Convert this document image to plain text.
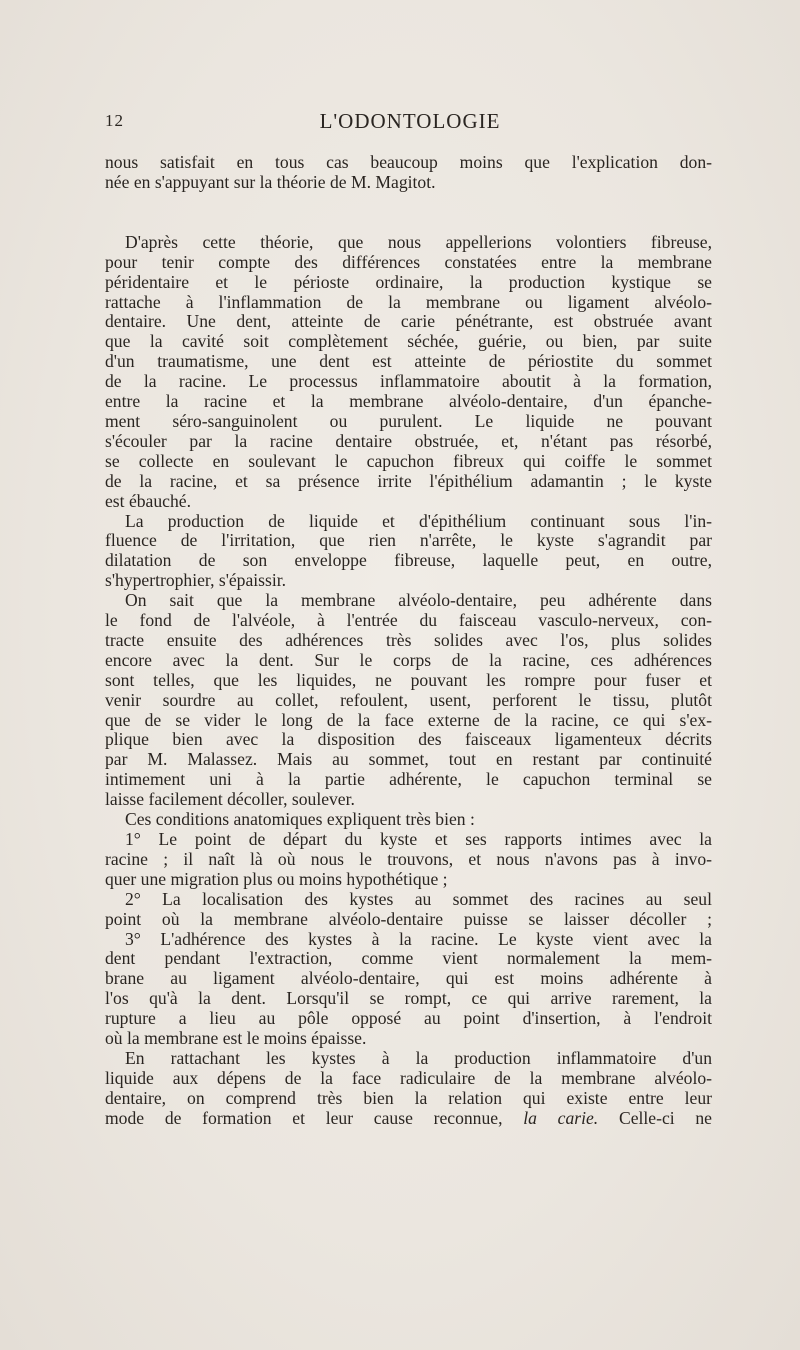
12	L'ODONTOLOGIE
nous satisfait en tous cas beaucoup moins que l'explication don-
née en s'appuyant sur la théorie de M. Magitot.
D'après cette théorie, que nous appellerions volontiers fibreuse,
pour tenir compte des différences constatées entre la membrane
péridentaire et le périoste ordinaire, la production kystique se
rattache à l'inflammation de la membrane ou ligament alvéolo-
dentaire. Une dent, atteinte de carie pénétrante, est obstruée avant
que la cavité soit complètement séchée, guérie, ou bien, par suite
d'un traumatisme, une dent est atteinte de périostite du sommet
de la racine. Le processus inflammatoire aboutit à la formation,
entre la racine et la membrane alvéolo-dentaire, d'un épanche-
ment séro-sanguinolent ou purulent. Le liquide ne pouvant
s'écouler par la racine dentaire obstruée, et, n'étant pas résorbé,
se collecte en soulevant le capuchon fibreux qui coiffe le sommet
de la racine, et sa présence irrite l'épithélium adamantin ; le kyste
est ébauché.
La production de liquide et d'épithélium continuant sous l'in-
fluence de l'irritation, que rien n'arrête, le kyste s'agrandit par
dilatation de son enveloppe fibreuse, laquelle peut, en outre,
s'hypertrophier, s'épaissir.
On sait que la membrane alvéolo-dentaire, peu adhérente dans
le fond de l'alvéole, à l'entrée du faisceau vasculo-nerveux, con-
tracte ensuite des adhérences très solides avec l'os, plus solides
encore avec la dent. Sur le corps de la racine, ces adhérences
sont telles, que les liquides, ne pouvant les rompre pour fuser et
venir sourdre au collet, refoulent, usent, perforent le tissu, plutôt
que de se vider le long de la face externe de la racine, ce qui s'ex-
plique bien avec la disposition des faisceaux ligamenteux décrits
par M. Malassez. Mais au sommet, tout en restant par continuité
intimement uni à la partie adhérente, le capuchon terminal se
laisse facilement décoller, soulever.
Ces conditions anatomiques expliquent très bien :
1° Le point de départ du kyste et ses rapports intimes avec la
racine ; il naît là où nous le trouvons, et nous n'avons pas à invo-
quer une migration plus ou moins hypothétique ;
2° La localisation des kystes au sommet des racines au seul
point où la membrane alvéolo-dentaire puisse se laisser décoller ;
3° L'adhérence des kystes à la racine. Le kyste vient avec la
dent pendant l'extraction, comme vient normalement la mem-
brane au ligament alvéolo-dentaire, qui est moins adhérente à
l'os qu'à la dent. Lorsqu'il se rompt, ce qui arrive rarement, la
rupture a lieu au pôle opposé au point d'insertion, à l'endroit
où la membrane est le moins épaisse.
En rattachant les kystes à la production inflammatoire d'un
liquide aux dépens de la face radiculaire de la membrane alvéolo-
dentaire, on comprend très bien la relation qui existe entre leur
mode de formation et leur cause reconnue, la carie. Celle-ci ne
